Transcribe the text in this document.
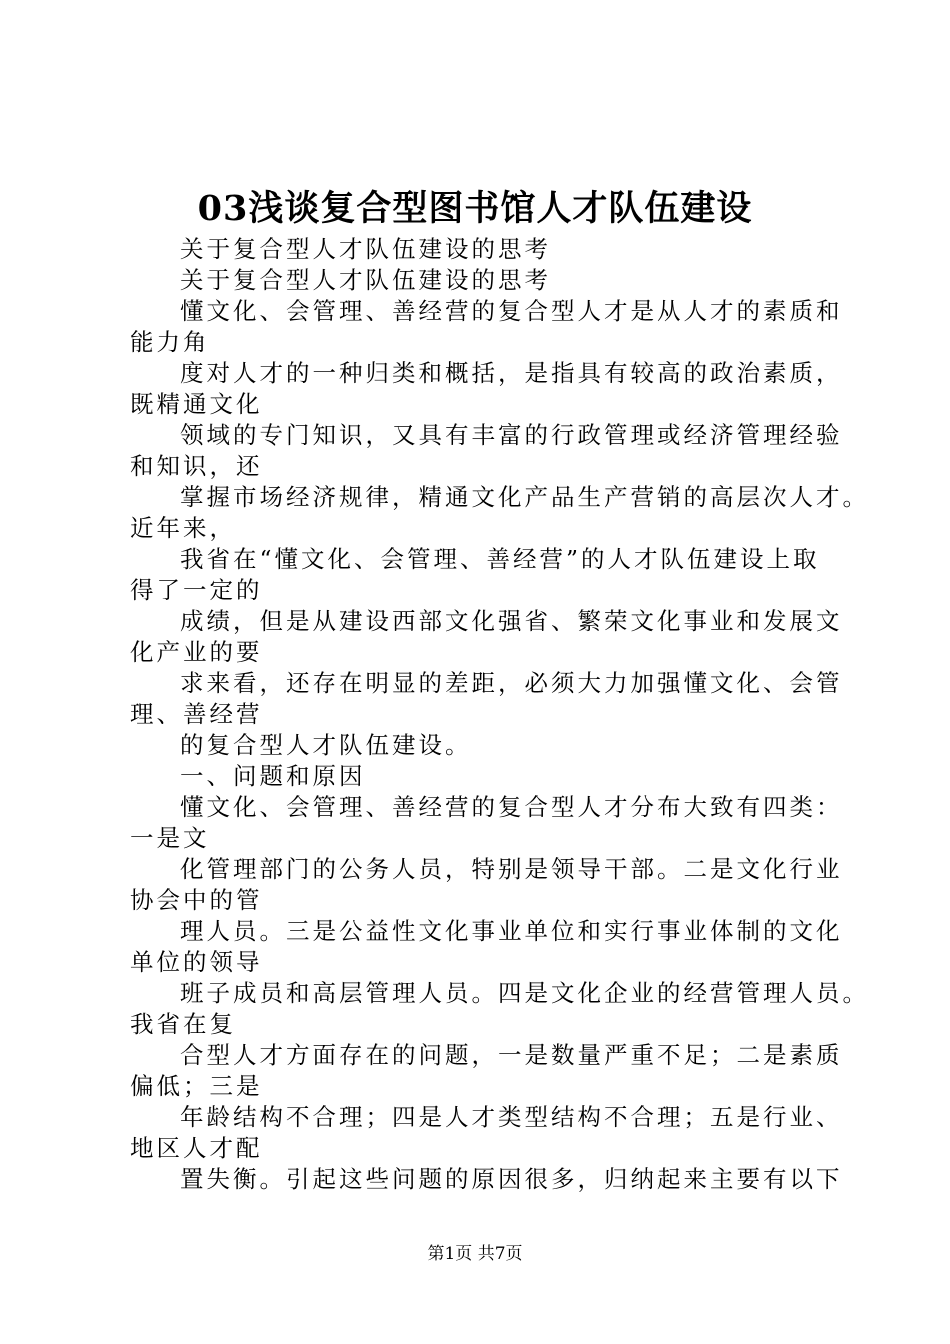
03浅谈复合型图书馆人才队伍建设
关于复合型人才队伍建设的思考
关于复合型人才队伍建设的思考
懂文化、会管理、善经营的复合型人才是从人才的素质和
能力角
度对人才的一种归类和概括，是指具有较高的政治素质，
既精通文化
领域的专门知识，又具有丰富的行政管理或经济管理经验
和知识，还
掌握市场经济规律，精通文化产品生产营销的高层次人才。
近年来，
我省在“懂文化、会管理、善经营”的人才队伍建设上取
得了一定的
成绩，但是从建设西部文化强省、繁荣文化事业和发展文
化产业的要
求来看，还存在明显的差距，必须大力加强懂文化、会管
理、善经营
的复合型人才队伍建设。
一、问题和原因
懂文化、会管理、善经营的复合型人才分布大致有四类：
一是文
化管理部门的公务人员，特别是领导干部。二是文化行业
协会中的管
理人员。三是公益性文化事业单位和实行事业体制的文化
单位的领导
班子成员和高层管理人员。四是文化企业的经营管理人员。
我省在复
合型人才方面存在的问题，一是数量严重不足；二是素质
偏低；三是
年龄结构不合理；四是人才类型结构不合理；五是行业、
地区人才配
置失衡。引起这些问题的原因很多，归纳起来主要有以下
第1页 共7页
